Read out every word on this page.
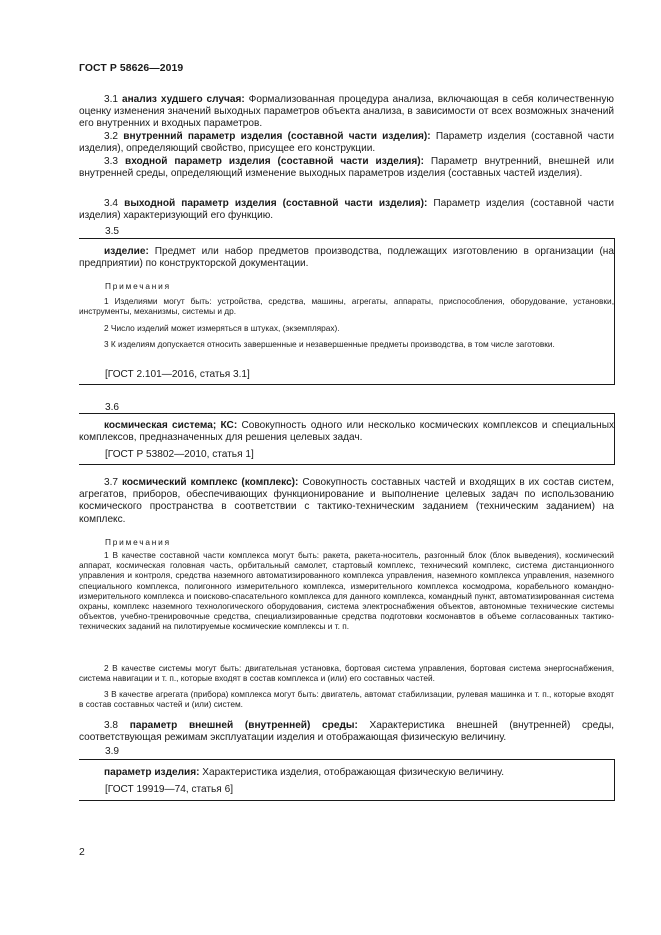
ГОСТ Р 58626—2019

3.1 анализ худшего случая: Формализованная процедура анализа, включающая в себя количественную оценку изменения значений выходных параметров объекта анализа, в зависимости от всех возможных значений его внутренних и входных параметров.

3.2 внутренний параметр изделия (составной части изделия): Параметр изделия (составной части изделия), определяющий свойство, присущее его конструкции.

3.3 входной параметр изделия (составной части изделия): Параметр внутренний, внешней или внутренней среды, определяющий изменение выходных параметров изделия (составных частей изделия).

3.4 выходной параметр изделия (составной части изделия): Параметр изделия (составной части изделия) характеризующий его функцию.

3.5

изделие: Предмет или набор предметов производства, подлежащих изготовлению в организации (на предприятии) по конструкторской документации.

Примечания

1 Изделиями могут быть: устройства, средства, машины, агрегаты, аппараты, приспособления, оборудование, установки, инструменты, механизмы, системы и др.

2 Число изделий может измеряться в штуках, (экземплярах).

3 К изделиям допускается относить завершенные и незавершенные предметы производства, в том числе заготовки.

[ГОСТ 2.101—2016, статья 3.1]
3.6

космическая система; КС: Совокупность одного или несколько космических комплексов и специальных комплексов, предназначенных для решения целевых задач.

[ГОСТ Р 53802—2010, статья 1]

3.7 космический комплекс (комплекс): Совокупность составных частей и входящих в их состав систем, агрегатов, приборов, обеспечивающих функционирование и выполнение целевых задач по использованию космического пространства в соответствии с тактико-техническим заданием (техническим заданием) на комплекс.

Примечания

1 В качестве составной части комплекса могут быть: ракета, ракета-носитель, разгонный блок (блок выведения), космический аппарат, космическая головная часть, орбитальный самолет, стартовый комплекс, технический комплекс, система дистанционного управления и контроля, средства наземного автоматизированного комплекса управления, наземного комплекса управления, наземного специального комплекса, полигонного измерительного комплекса, измерительного комплекса космодрома, корабельного командно-измерительного комплекса и поисково-спасательного комплекса для данного комплекса, командный пункт, автоматизированная система охраны, комплекс наземного технологического оборудования, система электроснабжения объектов, автономные технические системы объектов, учебно-тренировочные средства, специализированные средства подготовки космонавтов в объеме согласованных тактико-технических заданий на пилотируемые космические комплексы и т. п.

2 В качестве системы могут быть: двигательная установка, бортовая система управления, бортовая система энергоснабжения, система навигации и т. п., которые входят в состав комплекса и (или) его составных частей.

3 В качестве агрегата (прибора) комплекса могут быть: двигатель, автомат стабилизации, рулевая машинка и т. п., которые входят в состав составных частей и (или) систем.

3.8 параметр внешней (внутренней) среды: Характеристика внешней (внутренней) среды, соответствующая режимам эксплуатации изделия и отображающая физическую величину.

3.9

параметр изделия: Характеристика изделия, отображающая физическую величину.

[ГОСТ 19919—74, статья 6]
2
